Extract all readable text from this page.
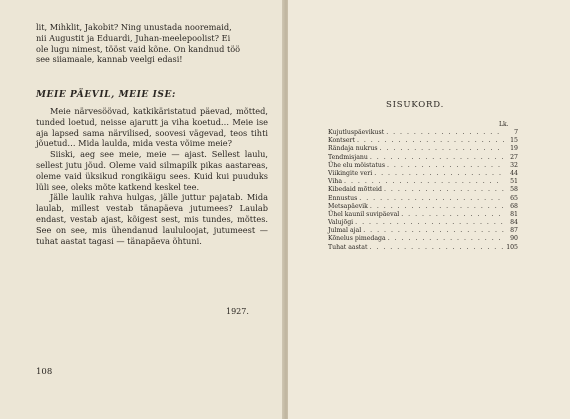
lit, Mihklit, Jakobit? Ning unustada nooremaid,

nii Augustit ja Eduardi, Juhan-meelepoolist? Ei

ole lugu nimest, tööst vaid kõne. On kandnud töö

see siiamaale, kannab veelgi edasi!

MEIE PÄEVIL, MEIE ISE:

Meie närvesöövad, katkikäristatud päevad, mõtted, tunded loetud, neisse ajarutt ja viha koetud… Meie ise aja lapsed sama närvilised, soovesi vägevad, teos tihti jõuetud… Mida laulda, mida vesta võime meie?

Siiski, aeg see meie, meie — ajast. Sellest laulu, sellest jutu jõud. Oleme vaid silmapilk pikas aastareas, oleme vaid üksikud rongikäigu sees. Kuid kui puuduks lüli see, oleks mõte katkend keskel tee.

Jälle laulik rahva hulgas, jälle juttur pajatab. Mida laulab, millest vestab tänapäeva jutumees? Laulab endast, vestab ajast, kõigest sest, mis tundes, mõttes. See on see, mis ühendanud laululoojat, jutumeest — tuhat aastat tagasi — tänapäeva õhtuni.

1927.
108
SISUKORD.
Lk.
Kujutluspäevikust . . .	7
Kontsert . . .	15
Rändaja nukrus . . .	19
Tendmisjanu . . .	27
Ühe elu möistatus . . .	32
Viikingite veri . . .	44
Viha . . .	51
Kibedaid mõtteid . . .	58
Ennustus . . .	65
Metsapäevik . . .	68
Ühel kaunil suvipäeval . . .	81
Valujõgi . . .	84
Julmal ajal . . .	87
Kõnelus pimedaga . . .	90
Tuhat aastat . . .	105
